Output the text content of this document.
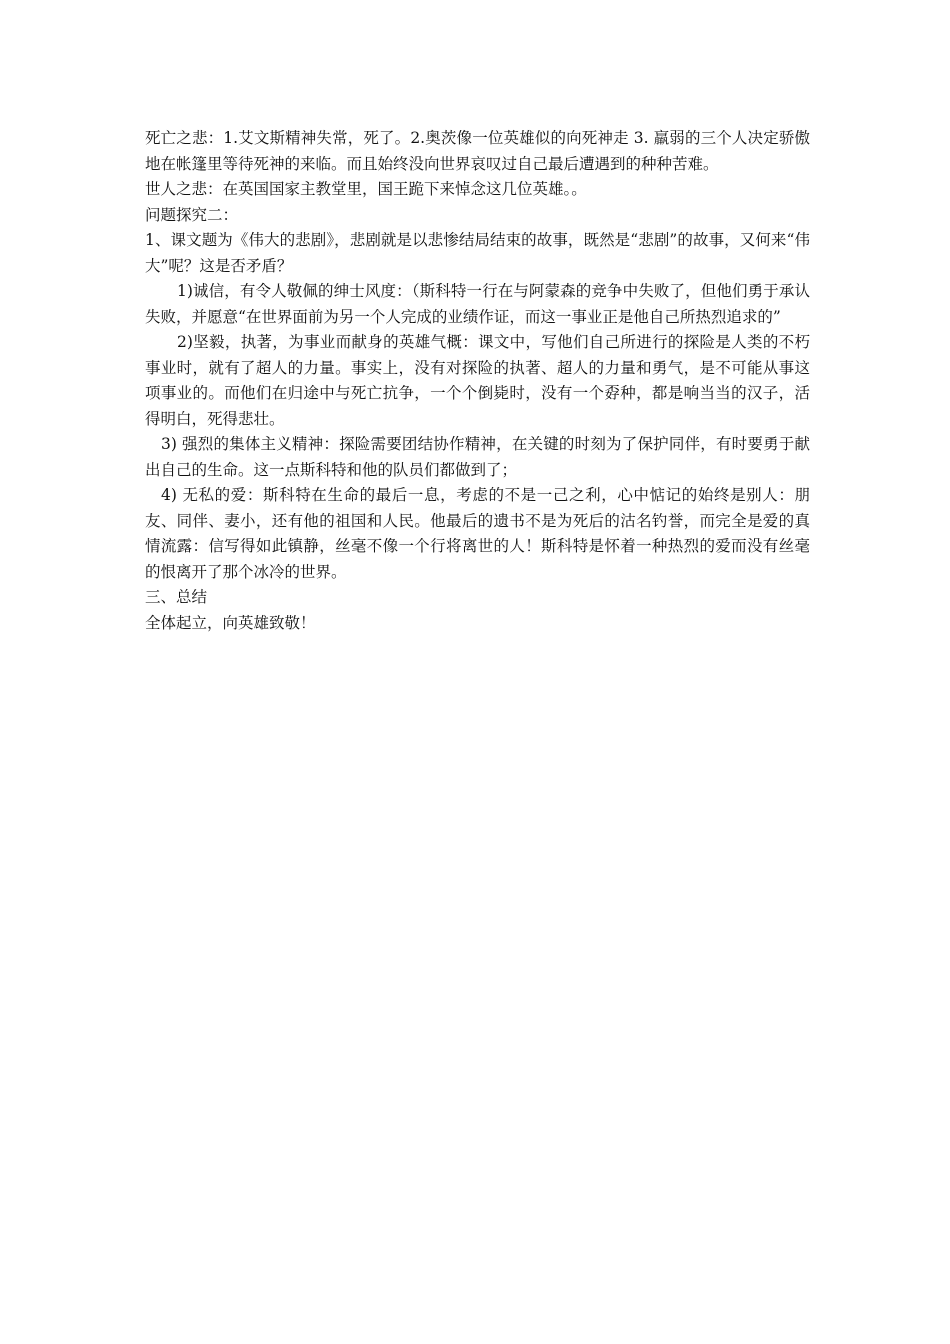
死亡之悲：1.艾文斯精神失常，死了。2.奥茨像一位英雄似的向死神走 3. 羸弱的三个人决定骄傲地在帐篷里等待死神的来临。而且始终没向世界哀叹过自己最后遭遇到的种种苦难。

世人之悲：在英国国家主教堂里，国王跪下来悼念这几位英雄。。

问题探究二：

1、课文题为《伟大的悲剧》，悲剧就是以悲惨结局结束的故事，既然是“悲剧”的故事，又何来“伟大”呢？这是否矛盾？

1)诚信，有令人敬佩的绅士风度：（斯科特一行在与阿蒙森的竞争中失败了，但他们勇于承认失败，并愿意“在世界面前为另一个人完成的业绩作证，而这一事业正是他自己所热烈追求的”

2)坚毅，执著，为事业而献身的英雄气概：课文中，写他们自己所进行的探险是人类的不朽事业时，就有了超人的力量。事实上，没有对探险的执著、超人的力量和勇气，是不可能从事这项事业的。而他们在归途中与死亡抗争，一个个倒毙时，没有一个孬种，都是响当当的汉子，活得明白，死得悲壮。

3) 强烈的集体主义精神：探险需要团结协作精神，在关键的时刻为了保护同伴，有时要勇于献出自己的生命。这一点斯科特和他的队员们都做到了；

4) 无私的爱：斯科特在生命的最后一息，考虑的不是一己之利，心中惦记的始终是别人：朋友、同伴、妻小，还有他的祖国和人民。他最后的遗书不是为死后的沽名钓誉，而完全是爱的真情流露：信写得如此镇静，丝毫不像一个行将离世的人！斯科特是怀着一种热烈的爱而没有丝毫的恨离开了那个冰冷的世界。

三、总结

全体起立，向英雄致敬！
